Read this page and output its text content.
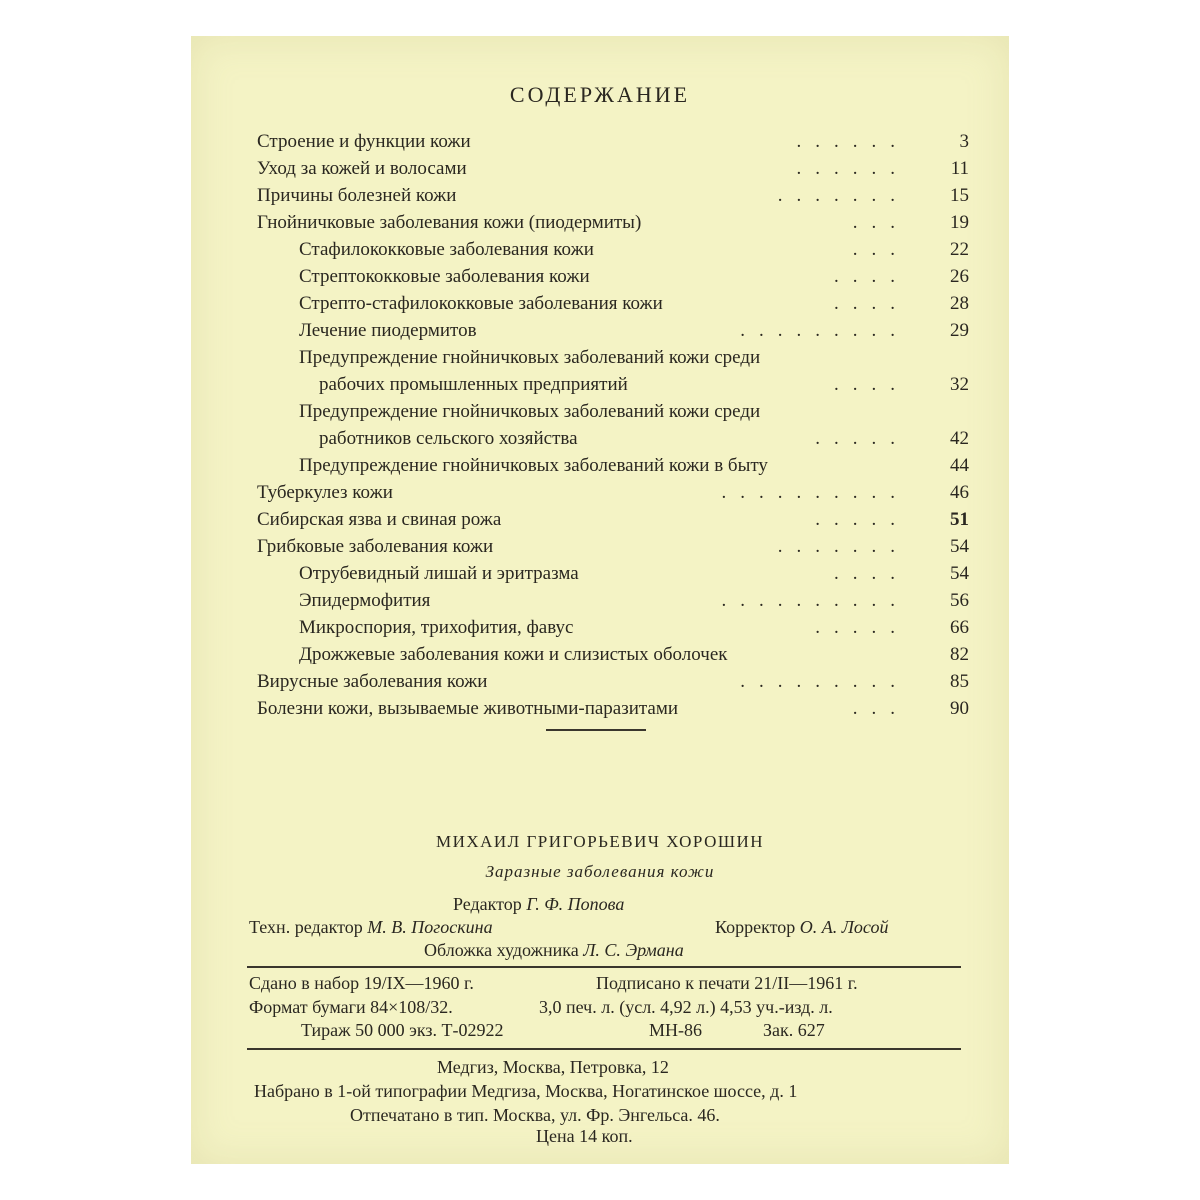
СОДЕРЖАНИЕ
Строение и функции кожи	......	3
Уход за кожей и волосами	......	11
Причины болезней кожи	.......	15
Гнойничковые заболевания кожи (пиодермиты)	...	19
Стафилококковые заболевания кожи	...	22
Стрептококковые заболевания кожи	....	26
Стрепто-стафилококковые заболевания кожи	....	28
Лечение пиодермитов	.........	29
Предупреждение гнойничковых заболеваний кожи среди
рабочих промышленных предприятий	....	32
Предупреждение гнойничковых заболеваний кожи среди
работников сельского хозяйства	.....	42
Предупреждение гнойничковых заболеваний кожи в быту	44
Туберкулез кожи	..........	46
Сибирская язва и свиная рожа	.....	51
Грибковые заболевания кожи	.......	54
Отрубевидный лишай и эритразма	....	54
Эпидермофития	..........	56
Микроспория, трихофития, фавус	.....	66
Дрожжевые заболевания кожи и слизистых оболочек	82
Вирусные заболевания кожи	.........	85
Болезни кожи, вызываемые животными-паразитами	...	90
МИХАИЛ ГРИГОРЬЕВИЧ ХОРОШИН
Заразные заболевания кожи
Редактор Г. Ф. Попова
Техн. редактор М. В. Погоскина	Корректор О. А. Лосой
Обложка художника Л. С. Эрмана
Сдано в набор 19/IX—1960 г.	Подписано к печати 21/II—1961 г.
Формат бумаги 84×108/32.	3,0 печ. л. (усл. 4,92 л.) 4,53 уч.-изд. л.
Тираж 50 000 экз. Т-02922	МН-86	Зак. 627
Медгиз, Москва, Петровка, 12
Набрано в 1-ой типографии Медгиза, Москва, Ногатинское шоссе, д. 1
Отпечатано в тип. Москва, ул. Фр. Энгельса. 46.
Цена 14 коп.
